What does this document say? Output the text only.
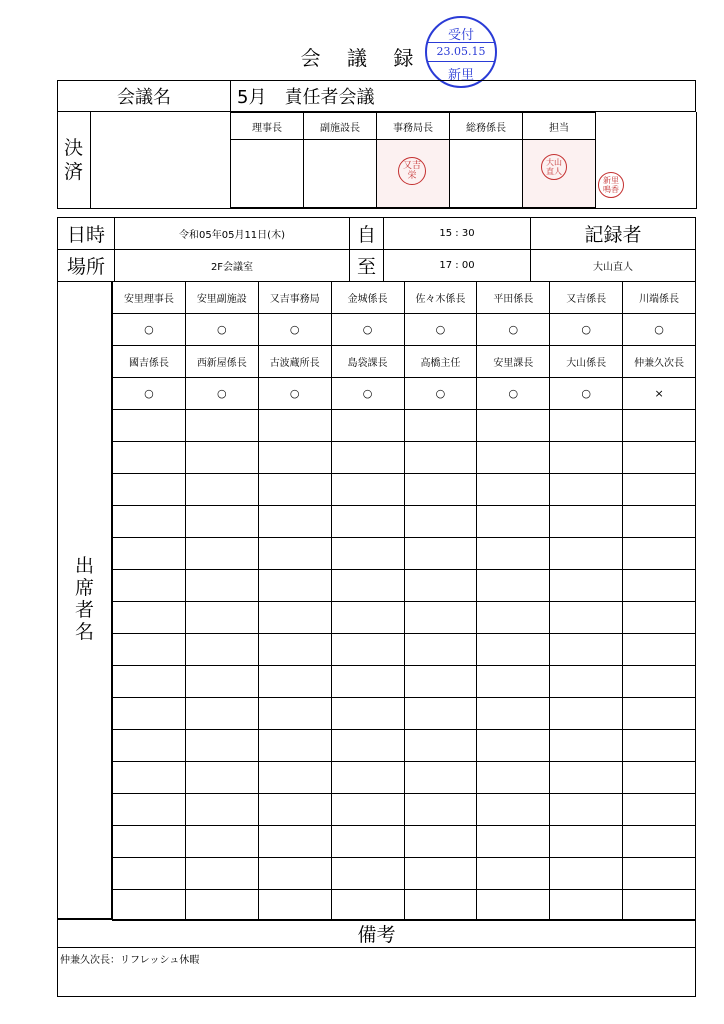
会 議 録
受付
23.05.15
新里
会議名	5月　責任者会議
決済
理事長	副施設長	事務局長	総務係長	担当

又吉
栄
大山
直人
新里
鳴香
日時	令和05年05月11日(木)	自	15 : 30	記録者
場所	2F会議室	至	17 : 00	大山直人
出席者名
安里理事長	安里副施設	又吉事務局	金城係長	佐々木係長	平田係長	又吉係長	川端係長
○	○	○	○	○	○	○	○
國吉係長	西新屋係長	古波蔵所長	島袋課長	高橋主任	安里課長	大山係長	仲兼久次長
○	○	○	○	○	○	○	×

備考
仲兼久次長：リフレッシュ休暇
